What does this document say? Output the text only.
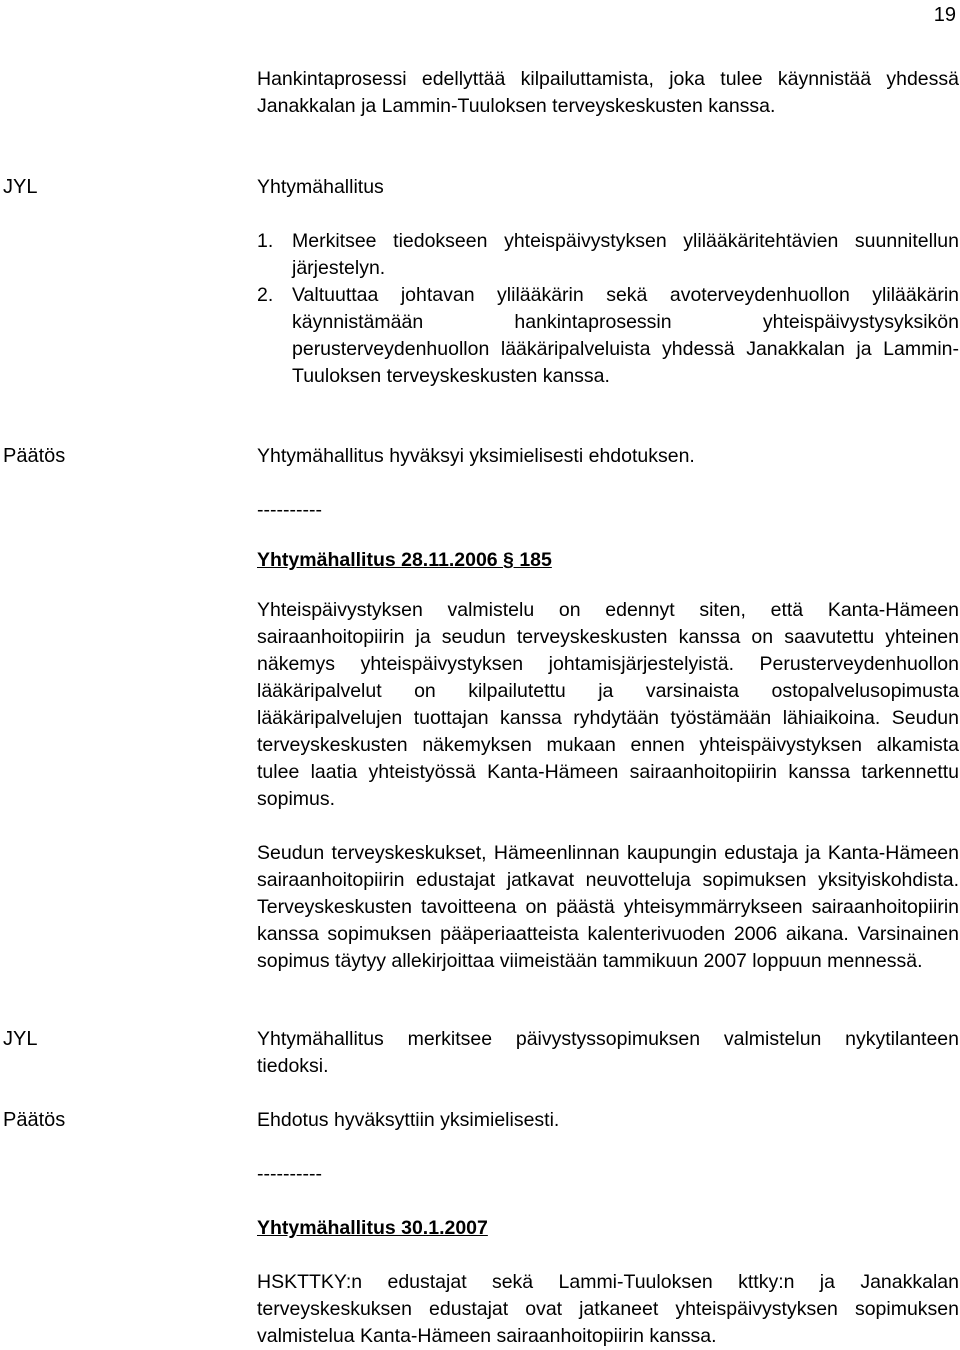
19
Hankintaprosessi edellyttää kilpailuttamista, joka tulee käynnistää yhdessä Janakkalan ja Lammin-Tuuloksen terveyskeskusten kanssa.
JYL	Yhtymähallitus
1. Merkitsee tiedokseen yhteispäivystyksen ylilääkäritehtävien suunnitellun järjestelyn.
2. Valtuuttaa johtavan ylilääkärin sekä avoterveydenhuollon ylilääkärin käynnistämään hankintaprosessin yhteispäivystysyksikön perusterveydenhuollon lääkäripalveluista yhdessä Janakkalan ja Lammin-Tuuloksen terveyskeskusten kanssa.
Päätös	Yhtymähallitus hyväksyi yksimielisesti ehdotuksen.
----------
Yhtymähallitus 28.11.2006 § 185
Yhteispäivystyksen valmistelu on edennyt siten, että Kanta-Hämeen sairaanhoitopiirin ja seudun terveyskeskusten kanssa on saavutettu yhteinen näkemys yhteispäivystyksen johtamisjärjestelyistä. Perusterveydenhuollon lääkäripalvelut on kilpailutettu ja varsinaista ostopalvelusopimusta lääkäripalvelujen tuottajan kanssa ryhdytään työstämään lähiaikoina. Seudun terveyskeskusten näkemyksen mukaan ennen yhteispäivystyksen alkamista tulee laatia yhteistyössä Kanta-Hämeen sairaanhoitopiirin kanssa tarkennettu sopimus.
Seudun terveyskeskukset, Hämeenlinnan kaupungin edustaja ja Kanta-Hämeen sairaanhoitopiirin edustajat jatkavat neuvotteluja sopimuksen yksityiskohdista. Terveyskeskusten tavoitteena on päästä yhteisymmärrykseen sairaanhoitopiirin kanssa sopimuksen pääperiaatteista kalenterivuoden 2006 aikana. Varsinainen sopimus täytyy allekirjoittaa viimeistään tammikuun 2007 loppuun mennessä.
JYL	Yhtymähallitus merkitsee päivystyssopimuksen valmistelun nykytilanteen tiedoksi.
Päätös	Ehdotus hyväksyttiin yksimielisesti.
----------
Yhtymähallitus 30.1.2007
HSKTTKY:n edustajat sekä Lammi-Tuuloksen kttky:n ja Janakkalan terveyskeskuksen edustajat ovat jatkaneet yhteispäivystyksen sopimuksen valmistelua Kanta-Hämeen sairaanhoitopiirin kanssa.
